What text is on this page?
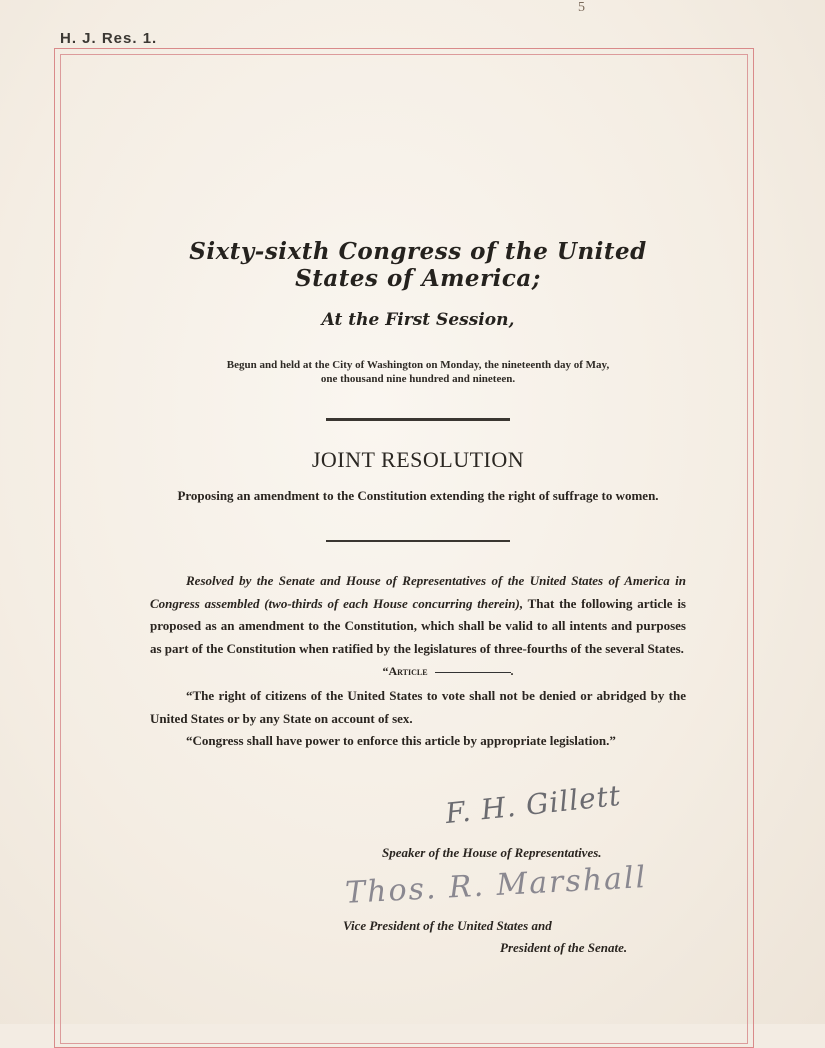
5
H. J. Res. 1.
Sixty-sixth Congress of the United States of America;
At the First Session,
Begun and held at the City of Washington on Monday, the nineteenth day of May,
one thousand nine hundred and nineteen.
JOINT RESOLUTION
Proposing an amendment to the Constitution extending the right of suffrage to women.
Resolved by the Senate and House of Representatives of the United States of America in Congress assembled (two-thirds of each House concurring therein), That the following article is proposed as an amendment to the Constitution, which shall be valid to all intents and purposes as part of the Constitution when ratified by the legislatures of three-fourths of the several States.
“Article	.
“The right of citizens of the United States to vote shall not be denied or abridged by the United States or by any State on account of sex.
“Congress shall have power to enforce this article by appropriate legislation.”
F. H. Gillett
Speaker of the House of Representatives.
Thos. R. Marshall
Vice President of the United States and
President of the Senate.
